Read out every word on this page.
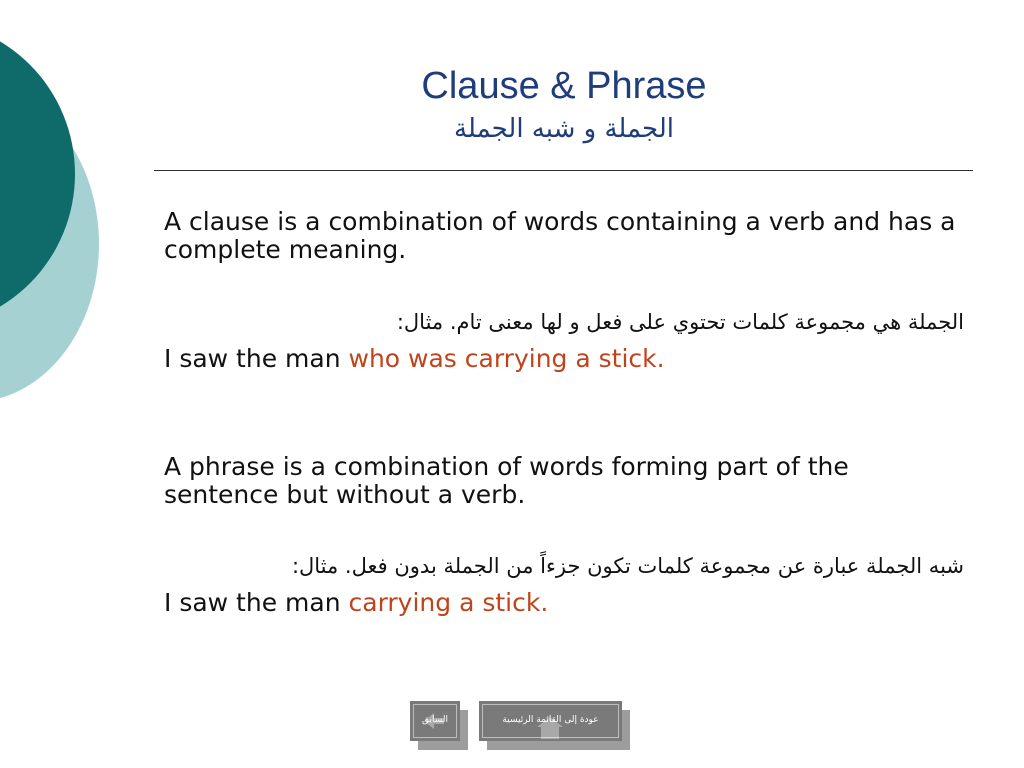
Clause & Phrase
الجملة و شبه الجملة
A clause is a combination of words containing a verb and has a complete meaning.
الجملة هي مجموعة كلمات تحتوي على فعل و لها معنى تام. مثال:
I saw the man who was carrying a stick.
A phrase is a combination of words forming part of the sentence but without a verb.
شبه الجملة عبارة عن مجموعة كلمات تكون جزءاً من الجملة بدون فعل. مثال:
I saw the man carrying a stick.
السابق	عودة إلى القائمة الرئيسية
